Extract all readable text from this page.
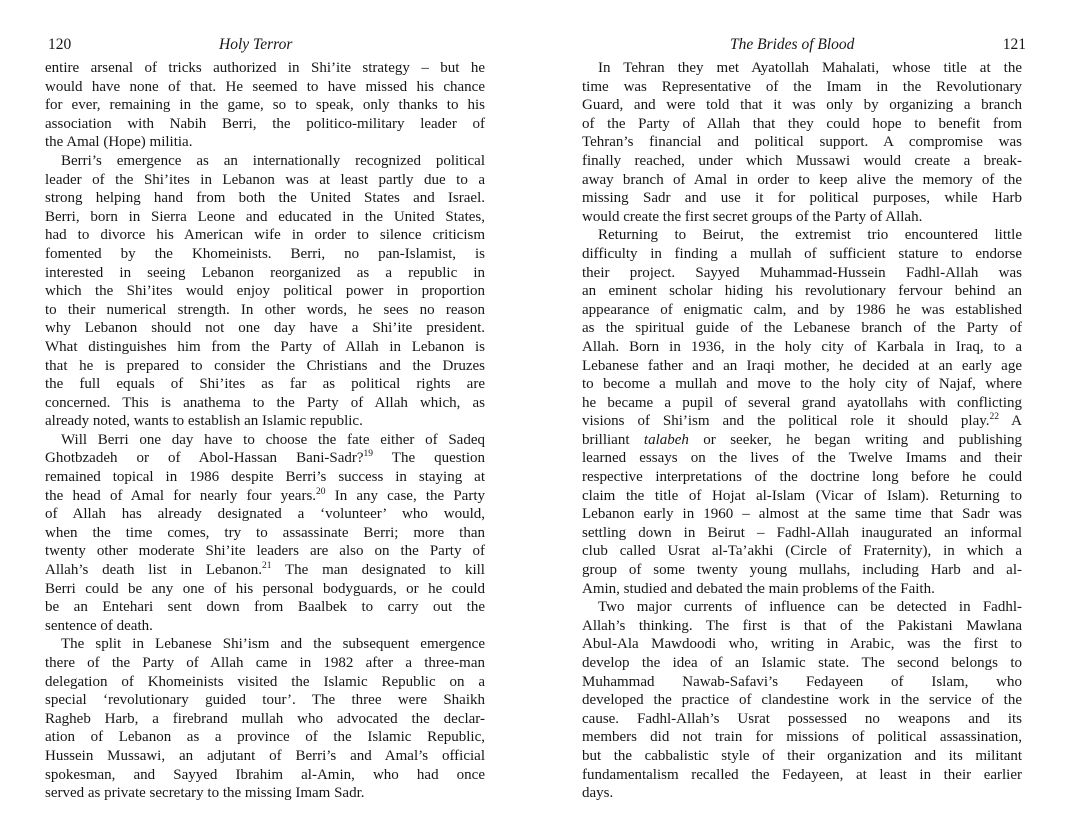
120	Holy Terror

entire arsenal of tricks authorized in Shi’ite strategy – but he

would have none of that. He seemed to have missed his chance

for ever, remaining in the game, so to speak, only thanks to his

association with Nabih Berri, the politico-military leader of

the Amal (Hope) militia.

Berri’s emergence as an internationally recognized political

leader of the Shi’ites in Lebanon was at least partly due to a

strong helping hand from both the United States and Israel.

Berri, born in Sierra Leone and educated in the United States,

had to divorce his American wife in order to silence criticism

fomented by the Khomeinists. Berri, no pan-Islamist, is

interested in seeing Lebanon reorganized as a republic in

which the Shi’ites would enjoy political power in proportion

to their numerical strength. In other words, he sees no reason

why Lebanon should not one day have a Shi’ite president.

What distinguishes him from the Party of Allah in Lebanon is

that he is prepared to consider the Christians and the Druzes

the full equals of Shi’ites as far as political rights are

concerned. This is anathema to the Party of Allah which, as

already noted, wants to establish an Islamic republic.

Will Berri one day have to choose the fate either of Sadeq

Ghotbzadeh or of Abol-Hassan Bani-Sadr?$^{19}$ The question

remained topical in 1986 despite Berri’s success in staying at

the head of Amal for nearly four years.$^{20}$ In any case, the Party

of Allah has already designated a ‘volunteer’ who would,

when the time comes, try to assassinate Berri; more than

twenty other moderate Shi’ite leaders are also on the Party of

Allah’s death list in Lebanon.$^{21}$ The man designated to kill

Berri could be any one of his personal bodyguards, or he could

be an Entehari sent down from Baalbek to carry out the

sentence of death.

The split in Lebanese Shi’ism and the subsequent emergence

there of the Party of Allah came in 1982 after a three-man

delegation of Khomeinists visited the Islamic Republic on a

special ‘revolutionary guided tour’. The three were Shaikh

Ragheb Harb, a firebrand mullah who advocated the declar-

ation of Lebanon as a province of the Islamic Republic,

Hussein Mussawi, an adjutant of Berri’s and Amal’s official

spokesman, and Sayyed Ibrahim al-Amin, who had once

served as private secretary to the missing Imam Sadr.

The Brides of Blood	121

In Tehran they met Ayatollah Mahalati, whose title at the

time was Representative of the Imam in the Revolutionary

Guard, and were told that it was only by organizing a branch

of the Party of Allah that they could hope to benefit from

Tehran’s financial and political support. A compromise was

finally reached, under which Mussawi would create a break-

away branch of Amal in order to keep alive the memory of the

missing Sadr and use it for political purposes, while Harb

would create the first secret groups of the Party of Allah.

Returning to Beirut, the extremist trio encountered little

difficulty in finding a mullah of sufficient stature to endorse

their project. Sayyed Muhammad-Hussein Fadhl-Allah was

an eminent scholar hiding his revolutionary fervour behind an

appearance of enigmatic calm, and by 1986 he was established

as the spiritual guide of the Lebanese branch of the Party of

Allah. Born in 1936, in the holy city of Karbala in Iraq, to a

Lebanese father and an Iraqi mother, he decided at an early age

to become a mullah and move to the holy city of Najaf, where

he became a pupil of several grand ayatollahs with conflicting

visions of Shi’ism and the political role it should play.$^{22}$ A

brilliant talabeh or seeker, he began writing and publishing

learned essays on the lives of the Twelve Imams and their

respective interpretations of the doctrine long before he could

claim the title of Hojat al-Islam (Vicar of Islam). Returning to

Lebanon early in 1960 – almost at the same time that Sadr was

settling down in Beirut – Fadhl-Allah inaugurated an informal

club called Usrat al-Ta’akhi (Circle of Fraternity), in which a

group of some twenty young mullahs, including Harb and al-

Amin, studied and debated the main problems of the Faith.

Two major currents of influence can be detected in Fadhl-

Allah’s thinking. The first is that of the Pakistani Mawlana

Abul-Ala Mawdoodi who, writing in Arabic, was the first to

develop the idea of an Islamic state. The second belongs to

Muhammad Nawab-Safavi’s Fedayeen of Islam, who

developed the practice of clandestine work in the service of the

cause. Fadhl-Allah’s Usrat possessed no weapons and its

members did not train for missions of political assassination,

but the cabbalistic style of their organization and its militant

fundamentalism recalled the Fedayeen, at least in their earlier

days.
